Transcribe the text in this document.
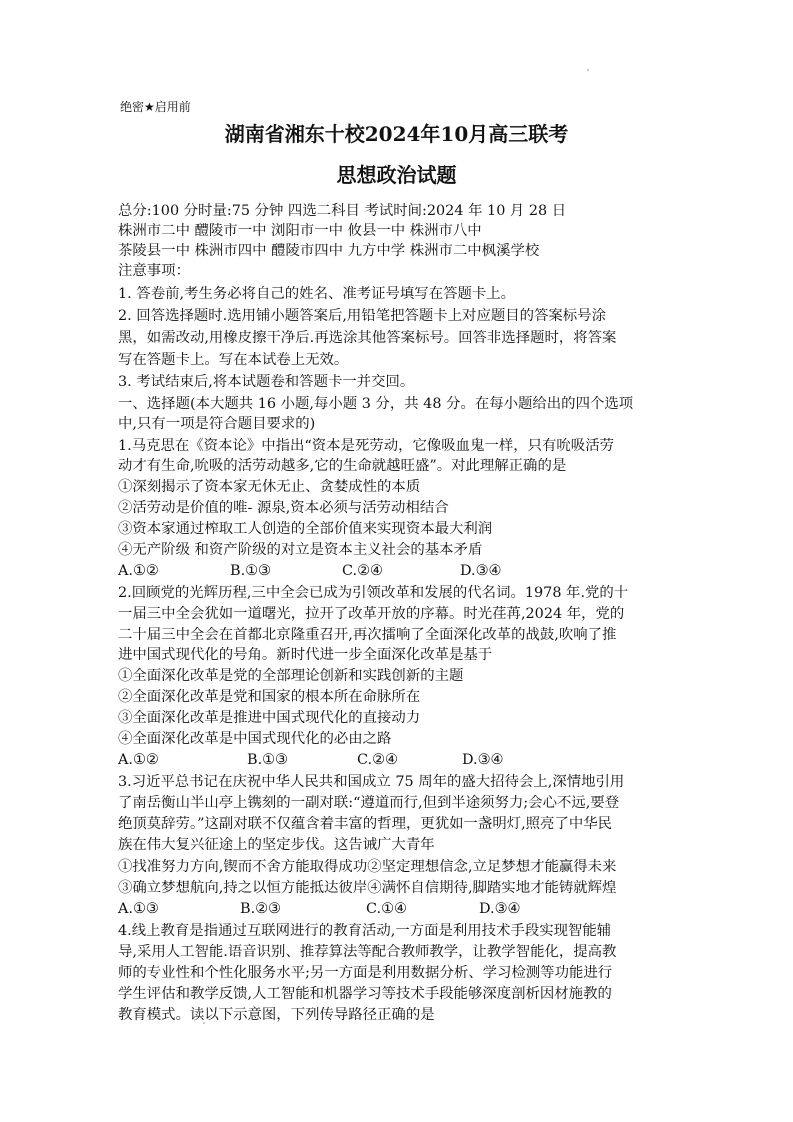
绝密★启用前
湖南省湘东十校2024年10月高三联考
思想政治试题
总分:100 分时量:75 分钟 四选二科目 考试时间:2024 年 10 月 28 日
株洲市二中 醴陵市一中 浏阳市一中 攸县一中 株洲市八中
茶陵县一中 株洲市四中 醴陵市四中 九方中学 株洲市二中枫溪学校
注意事项：
1. 答卷前,考生务必将自己的姓名、准考证号填写在答题卡上。
2. 回答选择题时.选用铺小题答案后,用铅笔把答题卡上对应题目的答案标号涂
黑，如需改动,用橡皮擦干净后.再选涂其他答案标号。回答非选择题时，将答案
写在答题卡上。写在本试卷上无效。
3. 考试结束后,将本试题卷和答题卡一并交回。
一、选择题(本大题共 16 小题,每小题 3 分，共 48 分。在每小题给出的四个选项
中,只有一项是符合题目要求的)
1.马克思在《资本论》中指出“资本是死劳动，它像吸血鬼一样，只有吮吸活劳
动才有生命,吮吸的活劳动越多,它的生命就越旺盛”。对此理解正确的是
①深刻揭示了资本家无休无止、贪婪成性的本质
②活劳动是价值的唯- 源泉,资本必须与活劳动相结合
③资本家通过榨取工人创造的全部价值来实现资本最大利润
④无产阶级 和资产阶级的对立是资本主义社会的基本矛盾
A.①②	B.①③	C.②④	D.③④
2.回顾党的光辉历程,三中全会已成为引领改革和发展的代名词。1978 年.党的十
一届三中全会犹如一道曙光，拉开了改革开放的序幕。时光荏苒,2024 年，党的
二十届三中全会在首都北京隆重召开,再次擂响了全面深化改革的战鼓,吹响了推
进中国式现代化的号角。新时代进一步全面深化改革是基于
①全面深化改革是党的全部理论创新和实践创新的主题
②全面深化改革是党和国家的根本所在命脉所在
③全面深化改革是推进中国式现代化的直接动力
④全面深化改革是中国式现代化的必由之路
A.①②	B.①③	C.②④	D.③④
3.习近平总书记在庆祝中华人民共和国成立 75 周年的盛大招待会上,深情地引用
了南岳衡山半山亭上镌刻的一副对联:“遵道而行,但到半途须努力;会心不远,要登
绝顶莫辞劳。”这副对联不仅蕴含着丰富的哲理，更犹如一盏明灯,照亮了中华民
族在伟大复兴征途上的坚定步伐。这告诫广大青年
①找准努力方向,锲而不舍方能取得成功②坚定理想信念,立足梦想才能赢得未来
③确立梦想航向,持之以恒方能抵达彼岸④满怀自信期待,脚踏实地才能铸就辉煌
A.①③	B.②③	C.①④	D.③④
4.线上教育是指通过互联网进行的教育活动,一方面是利用技术手段实现智能辅
导,采用人工智能.语音识别、推荐算法等配合教师教学，让教学智能化，提高教
师的专业性和个性化服务水平;另一方面是利用数据分析、学习检测等功能进行
学生评估和教学反馈,人工智能和机器学习等技术手段能够深度剖析因材施教的
教育模式。读以下示意图，下列传导路径正确的是
